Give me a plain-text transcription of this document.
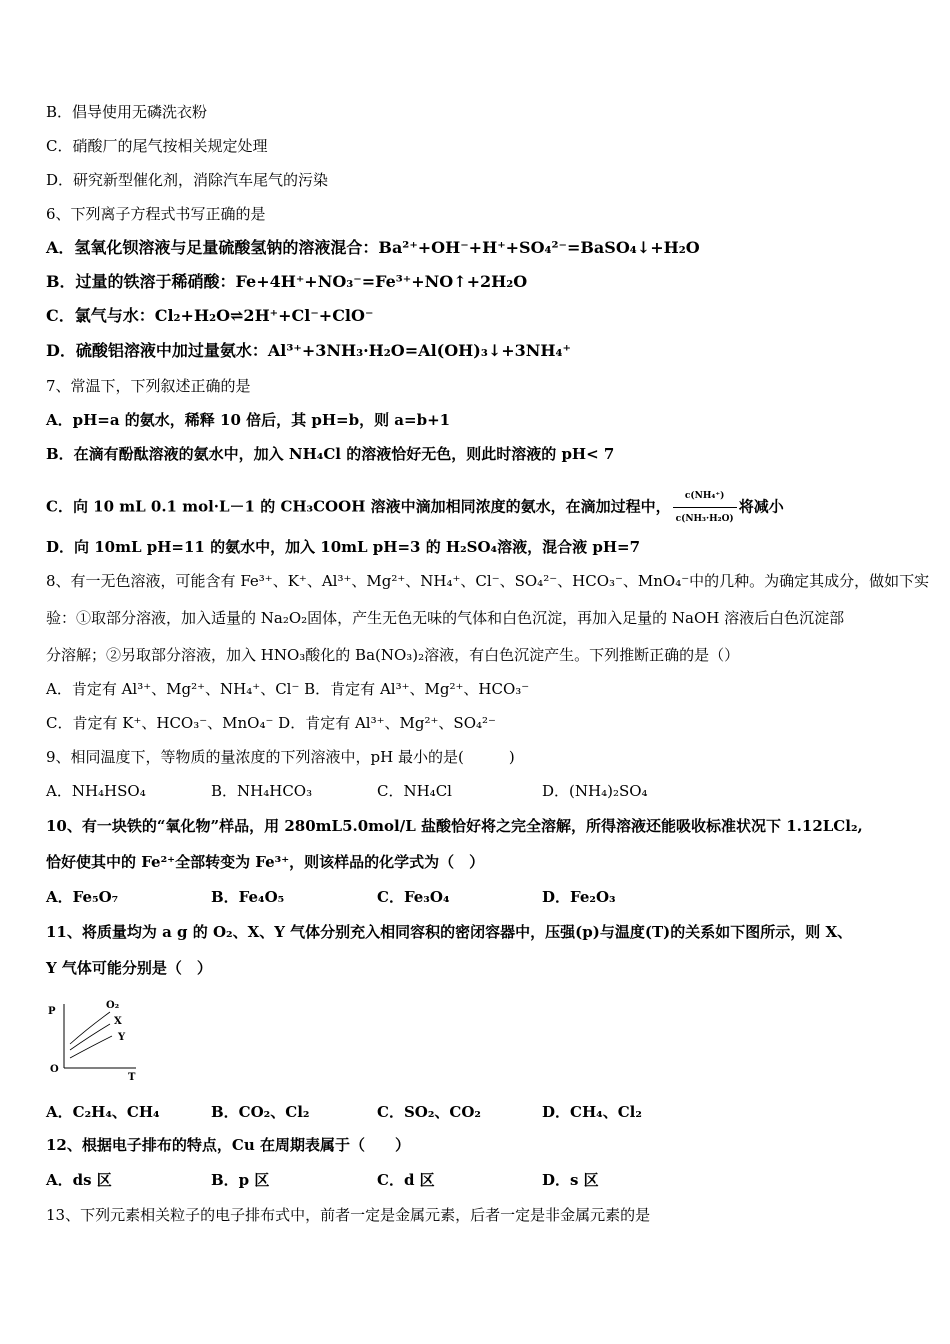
B．倡导使用无磷洗衣粉
C．硝酸厂的尾气按相关规定处理
D．研究新型催化剂，消除汽车尾气的污染
6、下列离子方程式书写正确的是
A．氢氧化钡溶液与足量硫酸氢钠的溶液混合：Ba²⁺+OH⁻+H⁺+SO₄²⁻=BaSO₄↓+H₂O
B．过量的铁溶于稀硝酸：Fe+4H⁺+NO₃⁻=Fe³⁺+NO↑+2H₂O
C．氯气与水：Cl₂+H₂O⇌2H⁺+Cl⁻+ClO⁻
D．硫酸铝溶液中加过量氨水：Al³⁺+3NH₃·H₂O=Al(OH)₃↓+3NH₄⁺
7、常温下，下列叙述正确的是
A．pH=a 的氨水，稀释 10 倍后，其 pH=b，则 a=b+1
B．在滴有酚酞溶液的氨水中，加入 NH₄Cl 的溶液恰好无色，则此时溶液的 pH< 7
C．向 10 mL 0.1 mol·L－1 的 CH₃COOH 溶液中滴加相同浓度的氨水，在滴加过程中， $\frac{\text{c(NH₄⁺)}}{\text{c(NH₃·H₂O)}}$ 将减小
D．向 10mL pH=11 的氨水中，加入 10mL pH=3 的 H₂SO₄溶液，混合液 pH=7
8、有一无色溶液，可能含有 Fe³⁺、K⁺、Al³⁺、Mg²⁺、NH₄⁺、Cl⁻、SO₄²⁻、HCO₃⁻、MnO₄⁻中的几种。为确定其成分，做如下实
验：①取部分溶液，加入适量的 Na₂O₂固体，产生无色无味的气体和白色沉淀，再加入足量的 NaOH 溶液后白色沉淀部
分溶解；②另取部分溶液，加入 HNO₃酸化的 Ba(NO₃)₂溶液，有白色沉淀产生。下列推断正确的是（）
A．肯定有 Al³⁺、Mg²⁺、NH₄⁺、Cl⁻ B．肯定有 Al³⁺、Mg²⁺、HCO₃⁻
C．肯定有 K⁺、HCO₃⁻、MnO₄⁻ D．肯定有 Al³⁺、Mg²⁺、SO₄²⁻
9、相同温度下，等物质的量浓度的下列溶液中，pH 最小的是(　　　)
A．NH₄HSO₄	B．NH₄HCO₃	C．NH₄Cl	D．(NH₄)₂SO₄
10、有一块铁的“氧化物”样品，用 280mL5.0mol/L 盐酸恰好将之完全溶解，所得溶液还能吸收标准状况下 1.12LCl₂,
恰好使其中的 Fe²⁺全部转变为 Fe³⁺，则该样品的化学式为（　）
A．Fe₅O₇	B．Fe₄O₅	C．Fe₃O₄	D．Fe₂O₃
11、将质量均为 a g 的 O₂、X、Y 气体分别充入相同容积的密闭容器中，压强(p)与温度(T)的关系如下图所示，则 X、
Y 气体可能分别是（　）
P
T
O
O₂
X
Y
A．C₂H₄、CH₄	B．CO₂、Cl₂	C．SO₂、CO₂	D．CH₄、Cl₂
12、根据电子排布的特点，Cu 在周期表属于（　　）
A．ds 区	B．p 区	C．d 区	D．s 区
13、下列元素相关粒子的电子排布式中，前者一定是金属元素，后者一定是非金属元素的是
